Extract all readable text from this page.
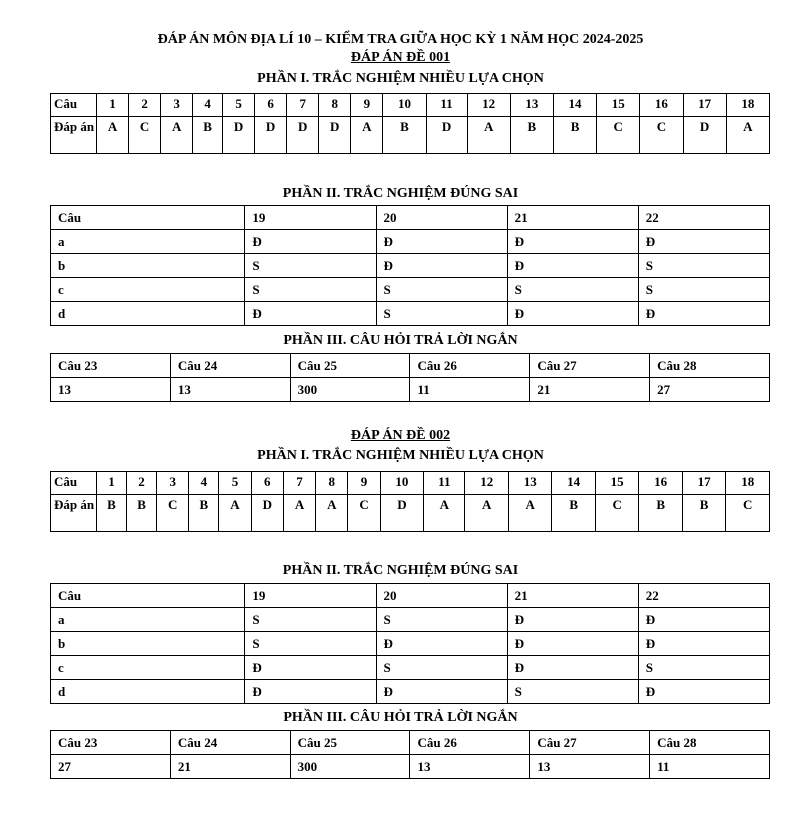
ĐÁP ÁN MÔN ĐỊA LÍ 10 – KIỂM TRA GIỮA HỌC KỲ 1 NĂM HỌC 2024-2025
ĐÁP ÁN ĐỀ 001
PHẦN I. TRẮC NGHIỆM NHIỀU LỰA CHỌN
Câu	1	2	3	4	5	6	7	8	9	10	11	12	13	14	15	16	17	18
Đáp án	A	C	A	B	D	D	D	D	A	B	D	A	B	B	C	C	D	A
PHẦN II. TRẮC NGHIỆM ĐÚNG SAI
Câu	19	20	21	22
a	Đ	Đ	Đ	Đ
b	S	Đ	Đ	S
c	S	S	S	S
d	Đ	S	Đ	Đ
PHẦN III. CÂU HỎI TRẢ LỜI NGẮN
Câu 23	Câu 24	Câu 25	Câu 26	Câu 27	Câu 28
13	13	300	11	21	27
ĐÁP ÁN ĐỀ 002
PHẦN I. TRẮC NGHIỆM NHIỀU LỰA CHỌN
Câu	1	2	3	4	5	6	7	8	9	10	11	12	13	14	15	16	17	18
Đáp án	B	B	C	B	A	D	A	A	C	D	A	A	A	B	C	B	B	C
PHẦN II. TRẮC NGHIỆM ĐÚNG SAI
Câu	19	20	21	22
a	S	S	Đ	Đ
b	S	Đ	Đ	Đ
c	Đ	S	Đ	S
d	Đ	Đ	S	Đ
PHẦN III. CÂU HỎI TRẢ LỜI NGẮN
Câu 23	Câu 24	Câu 25	Câu 26	Câu 27	Câu 28
27	21	300	13	13	11
